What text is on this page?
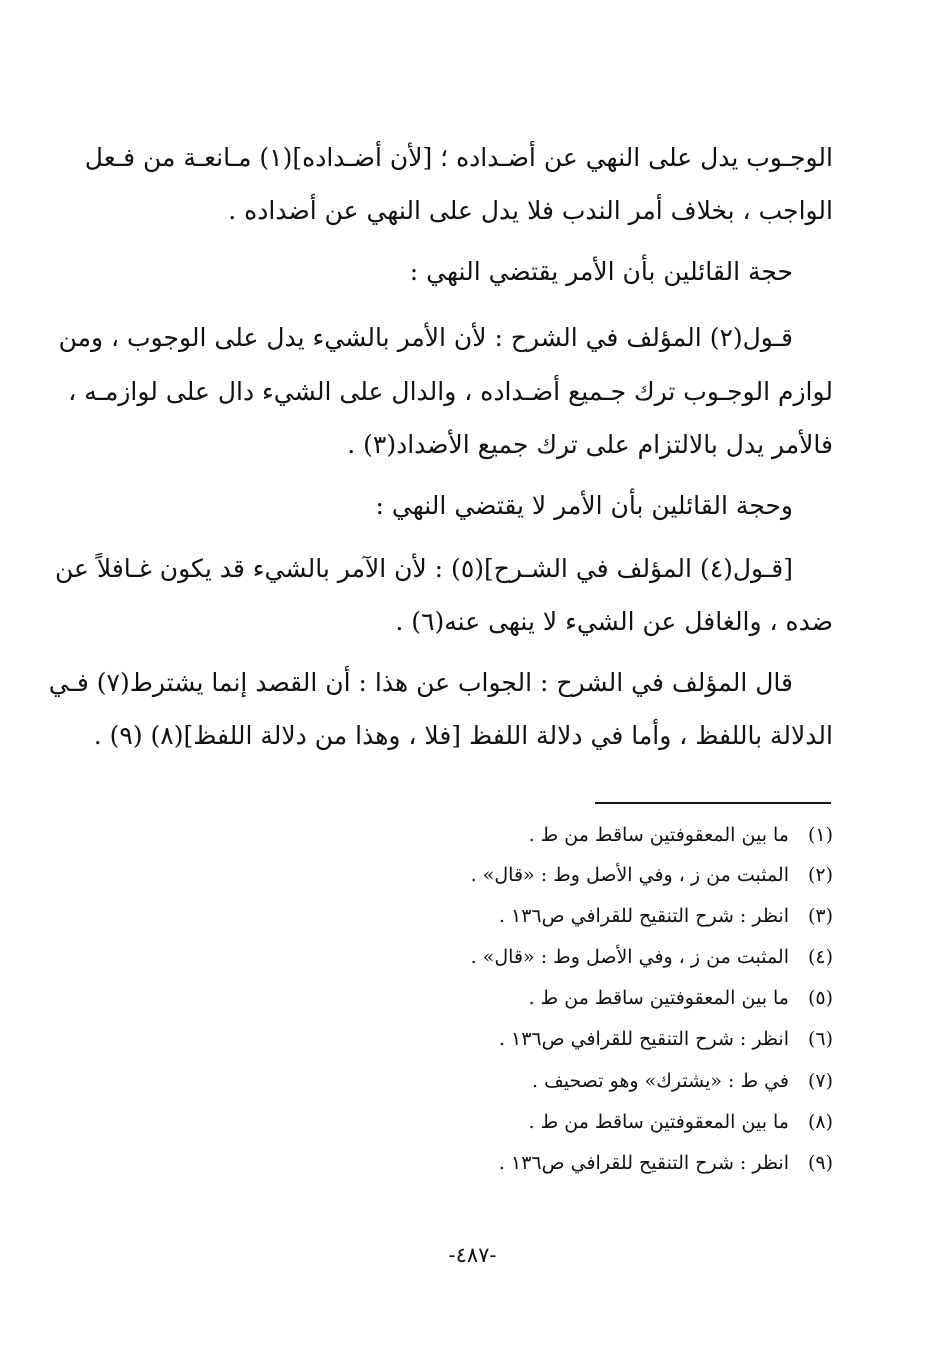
الوجـوب يدل على النهي عن أضـداده ؛ [لأن أضـداده](١) مـانعـة من فـعل
الواجب ، بخلاف أمر الندب فلا يدل على النهي عن أضداده .
حجة القائلين بأن الأمر يقتضي النهي :
قـول(٢) المؤلف في الشرح : لأن الأمر بالشيء يدل على الوجوب ، ومن
لوازم الوجـوب ترك جـميع أضـداده ، والدال على الشيء دال على لوازمـه ،
فالأمر يدل بالالتزام على ترك جميع الأضداد(٣) .
وحجة القائلين بأن الأمر لا يقتضي النهي :
[قـول(٤) المؤلف في الشـرح](٥) : لأن الآمر بالشيء قد يكون غـافلاً عن
ضده ، والغافل عن الشيء لا ينهى عنه(٦) .
قال المؤلف في الشرح : الجواب عن هذا : أن القصد إنما يشترط(٧) فـي
الدلالة باللفظ ، وأما في دلالة اللفظ [فلا ، وهذا من دلالة اللفظ](٨) (٩) .
(١)ما بين المعقوفتين ساقط من ط .
(٢)المثبت من ز ، وفي الأصل وط : «قال» .
(٣)انظر : شرح التنقيح للقرافي ص١٣٦ .
(٤)المثبت من ز ، وفي الأصل وط : «قال» .
(٥)ما بين المعقوفتين ساقط من ط .
(٦)انظر : شرح التنقيح للقرافي ص١٣٦ .
(٧)في ط : «يشترك» وهو تصحيف .
(٨)ما بين المعقوفتين ساقط من ط .
(٩)انظر : شرح التنقيح للقرافي ص١٣٦ .
-٤٨٧-
